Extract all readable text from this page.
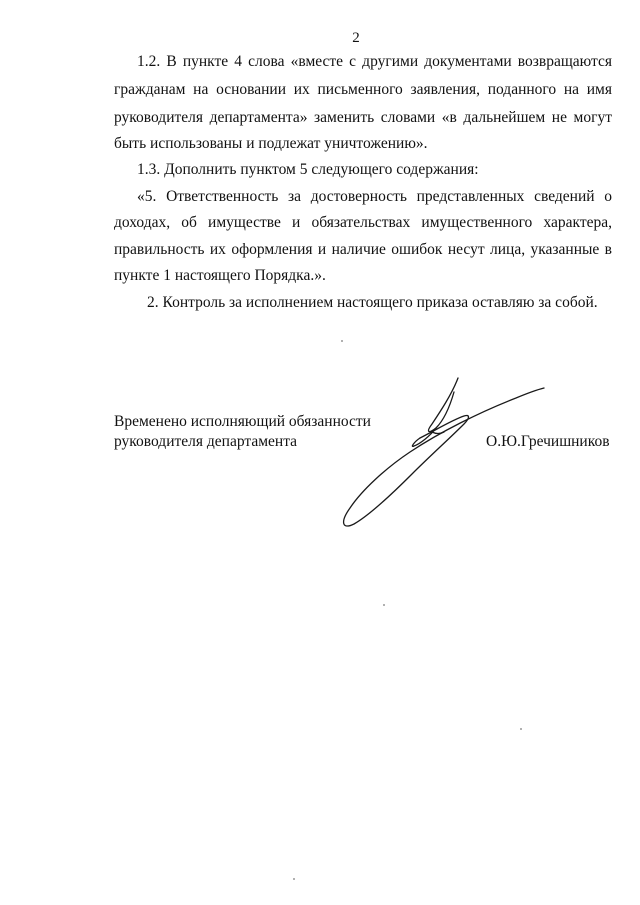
2
1.2. В пункте 4 слова «вместе с другими документами возвращаются
гражданам на основании их письменного заявления, поданного на имя
руководителя департамента» заменить словами «в дальнейшем не могут
быть использованы и подлежат уничтожению».
1.3. Дополнить пунктом 5 следующего содержания:
«5. Ответственность за достоверность представленных сведений о
доходах, об имуществе и обязательствах имущественного характера,
правильность их оформления и наличие ошибок несут лица, указанные в
пункте 1 настоящего Порядка.».
2. Контроль за исполнением настоящего приказа оставляю за собой.
Временено исполняющий обязанности
руководителя департамента	О.Ю.Гречишников
